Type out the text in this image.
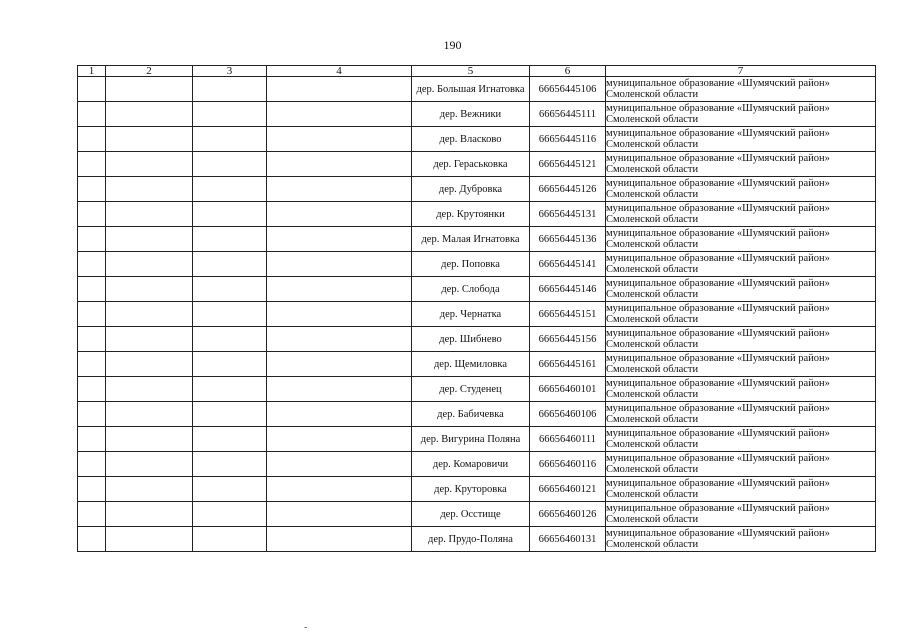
190
1	2	3	4	5	6	7
				дер. Большая Игнатовка	66656445106	муниципальное образование «Шумячский район» Смоленской области
				дер. Вежники	66656445111	муниципальное образование «Шумячский район» Смоленской области
				дер. Власково	66656445116	муниципальное образование «Шумячский район» Смоленской области
				дер. Гераськовка	66656445121	муниципальное образование «Шумячский район» Смоленской области
				дер. Дубровка	66656445126	муниципальное образование «Шумячский район» Смоленской области
				дер. Крутоянки	66656445131	муниципальное образование «Шумячский район» Смоленской области
				дер. Малая Игнатовка	66656445136	муниципальное образование «Шумячский район» Смоленской области
				дер. Поповка	66656445141	муниципальное образование «Шумячский район» Смоленской области
				дер. Слобода	66656445146	муниципальное образование «Шумячский район» Смоленской области
				дер. Чернатка	66656445151	муниципальное образование «Шумячский район» Смоленской области
				дер. Шибнево	66656445156	муниципальное образование «Шумячский район» Смоленской области
				дер. Щемиловка	66656445161	муниципальное образование «Шумячский район» Смоленской области
				дер. Студенец	66656460101	муниципальное образование «Шумячский район» Смоленской области
				дер. Бабичевка	66656460106	муниципальное образование «Шумячский район» Смоленской области
				дер. Вигурина Поляна	66656460111	муниципальное образование «Шумячский район» Смоленской области
				дер. Комаровичи	66656460116	муниципальное образование «Шумячский район» Смоленской области
				дер. Круторовка	66656460121	муниципальное образование «Шумячский район» Смоленской области
				дер. Осстище	66656460126	муниципальное образование «Шумячский район» Смоленской области
				дер. Прудо-Поляна	66656460131	муниципальное образование «Шумячский район» Смоленской области
-
